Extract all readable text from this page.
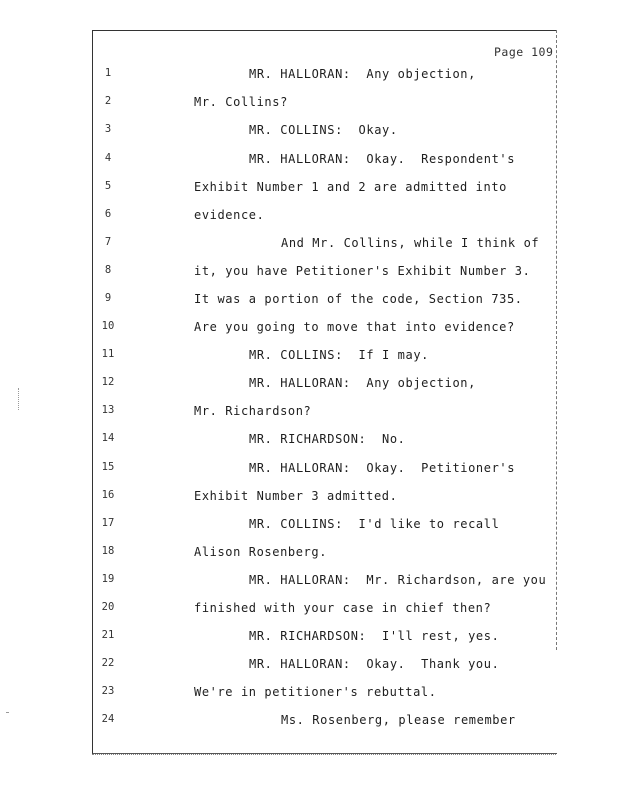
Page 109
1	MR. HALLORAN:  Any objection,
2	Mr. Collins?
3	MR. COLLINS:  Okay.
4	MR. HALLORAN:  Okay.  Respondent's
5	Exhibit Number 1 and 2 are admitted into
6	evidence.
7	And Mr. Collins, while I think of
8	it, you have Petitioner's Exhibit Number 3.
9	It was a portion of the code, Section 735.
10	Are you going to move that into evidence?
11	MR. COLLINS:  If I may.
12	MR. HALLORAN:  Any objection,
13	Mr. Richardson?
14	MR. RICHARDSON:  No.
15	MR. HALLORAN:  Okay.  Petitioner's
16	Exhibit Number 3 admitted.
17	MR. COLLINS:  I'd like to recall
18	Alison Rosenberg.
19	MR. HALLORAN:  Mr. Richardson, are you
20	finished with your case in chief then?
21	MR. RICHARDSON:  I'll rest, yes.
22	MR. HALLORAN:  Okay.  Thank you.
23	We're in petitioner's rebuttal.
24	Ms. Rosenberg, please remember
